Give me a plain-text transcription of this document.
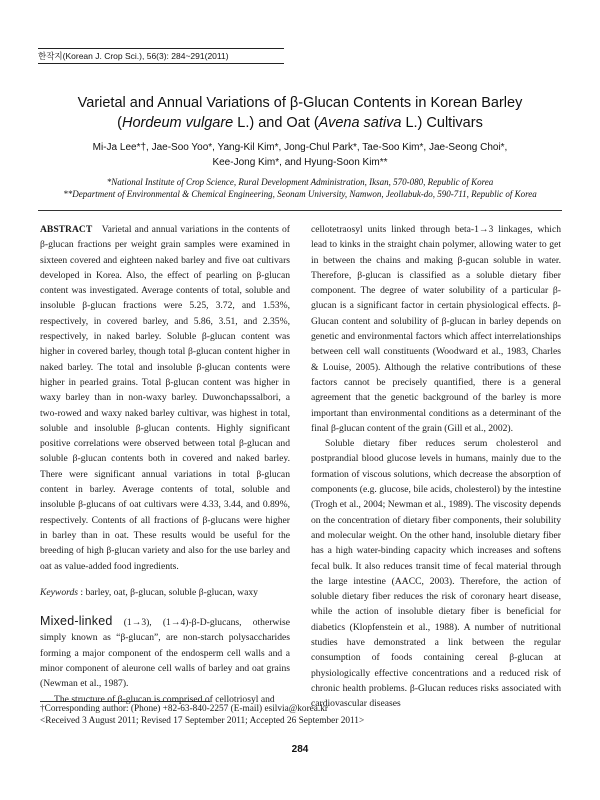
한작지(Korean J. Crop Sci.), 56(3): 284~291(2011)
Varietal and Annual Variations of β-Glucan Contents in Korean Barley
(Hordeum vulgare L.) and Oat (Avena sativa L.) Cultivars
Mi-Ja Lee*†, Jae-Soo Yoo*, Yang-Kil Kim*, Jong-Chul Park*, Tae-Soo Kim*, Jae-Seong Choi*,
Kee-Jong Kim*, and Hyung-Soon Kim**
*National Institute of Crop Science, Rural Development Administration, Iksan, 570-080, Republic of Korea
**Department of Environmental & Chemical Engineering, Seonam University, Namwon, Jeollabuk-do, 590-711, Republic of Korea

ABSTRACT Varietal and annual variations in the contents of β-glucan fractions per weight grain samples were examined in sixteen covered and eighteen naked barley and five oat cultivars developed in Korea. Also, the effect of pearling on β-glucan content was investigated. Average contents of total, soluble and insoluble β-glucan fractions were 5.25, 3.72, and 1.53%, respectively, in covered barley, and 5.86, 3.51, and 2.35%, respectively, in naked barley. Soluble β-glucan content was higher in covered barley, though total β-glucan content higher in naked barley. The total and insoluble β-glucan contents were higher in pearled grains. Total β-glucan content was higher in waxy barley than in non-waxy barley. Duwonchapssalbori, a two-rowed and waxy naked barley cultivar, was highest in total, soluble and insoluble β-glucan contents. Highly significant positive correlations were observed between total β-glucan and soluble β-glucan contents both in covered and naked barley. There were significant annual variations in total β-glucan content in barley. Average contents of total, soluble and insoluble β-glucans of oat cultivars were 4.33, 3.44, and 0.89%, respectively. Contents of all fractions of β-glucans were higher in barley than in oat. These results would be useful for the breeding of high β-glucan variety and also for the use barley and oat as value-added food ingredients.

Keywords : barley, oat, β-glucan, soluble β-glucan, waxy

Mixed-linked (1→3), (1→4)-β-D-glucans, otherwise simply known as “β-glucan”, are non-starch polysaccharides forming a major component of the endosperm cell walls and a minor component of aleurone cell walls of barley and oat grains (Newman et al., 1987).

The structure of β-glucan is comprised of cellotriosyl and

cellotetraosyl units linked through beta-1→3 linkages, which lead to kinks in the straight chain polymer, allowing water to get in between the chains and making β-gucan soluble in water. Therefore, β-glucan is classified as a soluble dietary fiber component. The degree of water solubility of a particular β-glucan is a significant factor in certain physiological effects. β-Glucan content and solubility of β-glucan in barley depends on genetic and environmental factors which affect interrelationships between cell wall constituents (Woodward et al., 1983, Charles & Louise, 2005). Although the relative contributions of these factors cannot be precisely quantified, there is a general agreement that the genetic background of the barley is more important than environmental conditions as a determinant of the final β-glucan content of the grain (Gill et al., 2002).

Soluble dietary fiber reduces serum cholesterol and postprandial blood glucose levels in humans, mainly due to the formation of viscous solutions, which decrease the absorption of components (e.g. glucose, bile acids, cholesterol) by the intestine (Trogh et al., 2004; Newman et al., 1989). The viscosity depends on the concentration of dietary fiber components, their solubility and molecular weight. On the other hand, insoluble dietary fiber has a high water-binding capacity which increases and softens fecal bulk. It also reduces transit time of fecal material through the large intestine (AACC, 2003). Therefore, the action of soluble dietary fiber reduces the risk of coronary heart disease, while the action of insoluble dietary fiber is beneficial for diabetics (Klopfenstein et al., 1988). A number of nutritional studies have demonstrated a link between the regular consumption of foods containing cereal β-glucan at physiologically effective concentrations and a reduced risk of chronic health problems. β-Glucan reduces risks associated with cardiovascular diseases

†Corresponding author: (Phone) +82-63-840-2257 (E-mail) esilvia@korea.kr
<Received 3 August 2011; Revised 17 September 2011; Accepted 26 September 2011>
284
